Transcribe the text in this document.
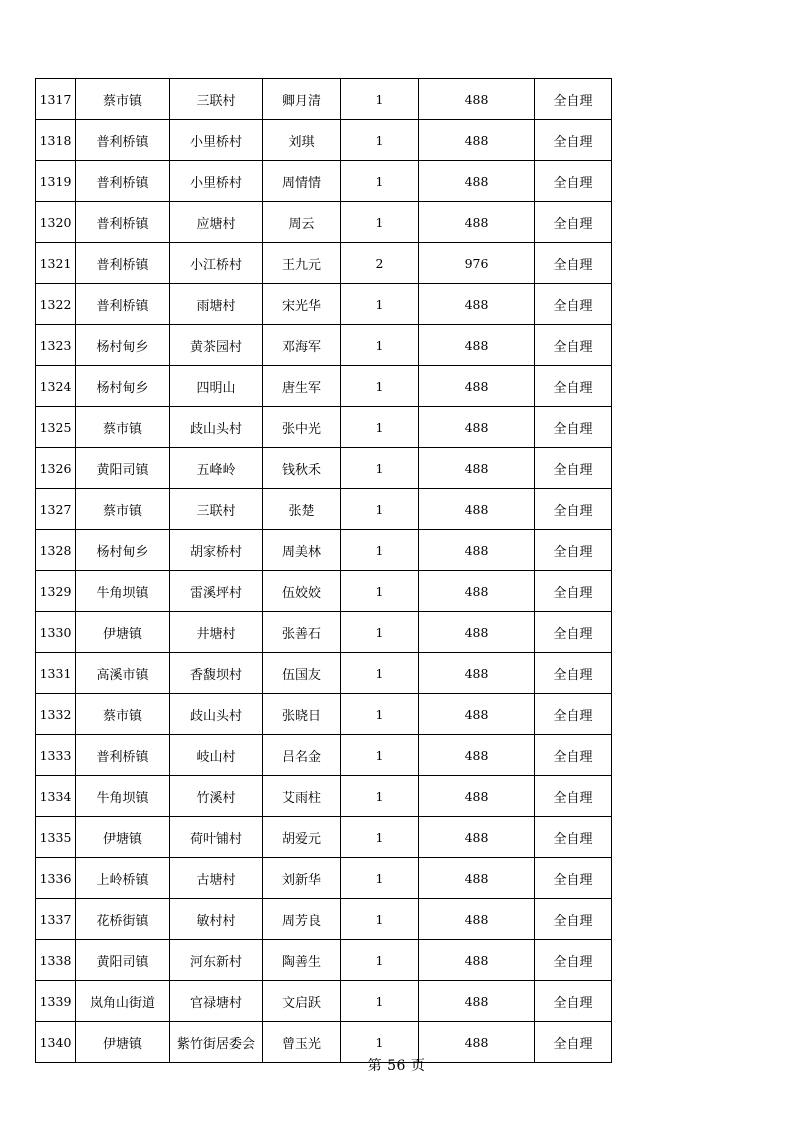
1317	蔡市镇	三联村	卿月清	1	488	全自理
1318	普利桥镇	小里桥村	刘琪	1	488	全自理
1319	普利桥镇	小里桥村	周情情	1	488	全自理
1320	普利桥镇	应塘村	周云	1	488	全自理
1321	普利桥镇	小江桥村	王九元	2	976	全自理
1322	普利桥镇	雨塘村	宋光华	1	488	全自理
1323	杨村甸乡	黄茶园村	邓海军	1	488	全自理
1324	杨村甸乡	四明山	唐生军	1	488	全自理
1325	蔡市镇	歧山头村	张中光	1	488	全自理
1326	黄阳司镇	五峰岭	钱秋禾	1	488	全自理
1327	蔡市镇	三联村	张楚	1	488	全自理
1328	杨村甸乡	胡家桥村	周美林	1	488	全自理
1329	牛角坝镇	雷溪坪村	伍姣姣	1	488	全自理
1330	伊塘镇	井塘村	张善石	1	488	全自理
1331	高溪市镇	香馥坝村	伍国友	1	488	全自理
1332	蔡市镇	歧山头村	张晓日	1	488	全自理
1333	普利桥镇	岐山村	吕名金	1	488	全自理
1334	牛角坝镇	竹溪村	艾雨柱	1	488	全自理
1335	伊塘镇	荷叶铺村	胡爱元	1	488	全自理
1336	上岭桥镇	古塘村	刘新华	1	488	全自理
1337	花桥街镇	敏村村	周芳良	1	488	全自理
1338	黄阳司镇	河东新村	陶善生	1	488	全自理
1339	岚角山街道	官禄塘村	文启跃	1	488	全自理
1340	伊塘镇	紫竹街居委会	曾玉光	1	488	全自理
第 56 页
